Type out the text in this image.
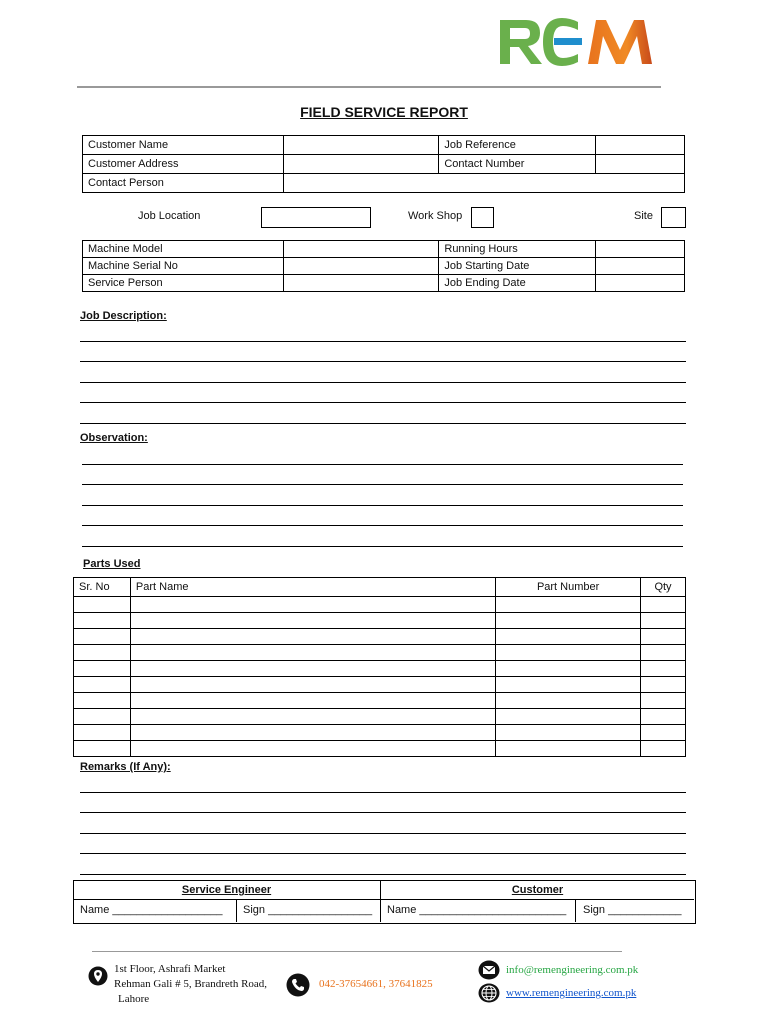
FIELD SERVICE REPORT
Customer Name		Job Reference	
Customer Address		Contact Number	
Contact Person			
Job Location	Work Shop	Site
Machine Model		Running Hours	
Machine Serial No		Job Starting Date	
Service Person		Job Ending Date	
Job Description:
Observation:
Parts Used
Sr. No	Part Name	Part Number	Qty

Remarks (If Any):
Service Engineer	Customer
Name __________________ Sign _________________ Name ________________________ Sign ____________
1st Floor, Ashrafi Market
Rehman Gali # 5, Brandreth Road,
Lahore
042-37654661, 37641825
info@remengineering.com.pk
www.remengineering.com.pk
